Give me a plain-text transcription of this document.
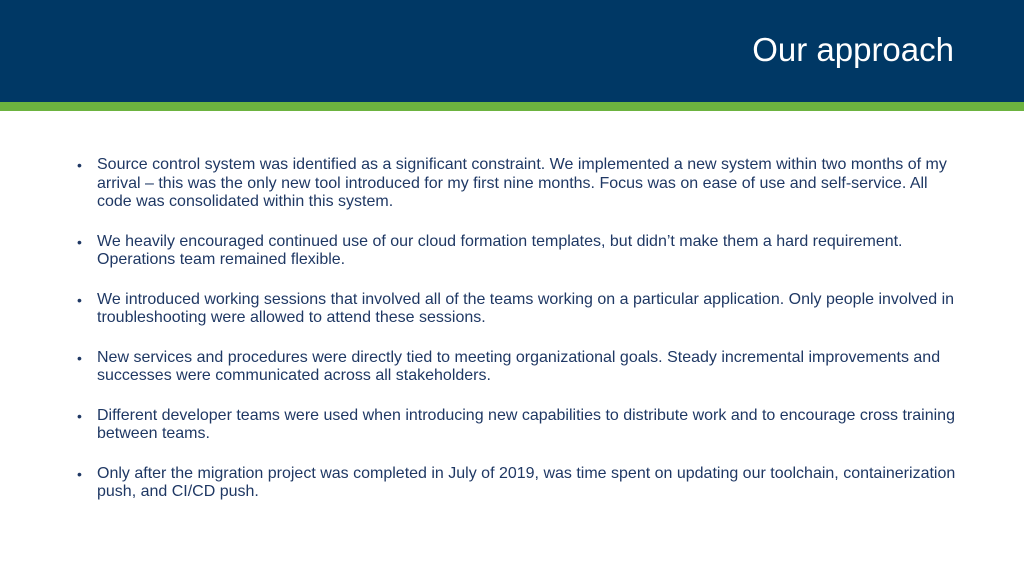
Our approach
• Source control system was identified as a significant constraint. We implemented a new system within two months of my arrival – this was the only new tool introduced for my first nine months. Focus was on ease of use and self-service. All code was consolidated within this system.
• We heavily encouraged continued use of our cloud formation templates, but didn’t make them a hard requirement. Operations team remained flexible.
• We introduced working sessions that involved all of the teams working on a particular application. Only people involved in troubleshooting were allowed to attend these sessions.
• New services and procedures were directly tied to meeting organizational goals. Steady incremental improvements and successes were communicated across all stakeholders.
• Different developer teams were used when introducing new capabilities to distribute work and to encourage cross training between teams.
• Only after the migration project was completed in July of 2019, was time spent on updating our toolchain, containerization push, and CI/CD push.
